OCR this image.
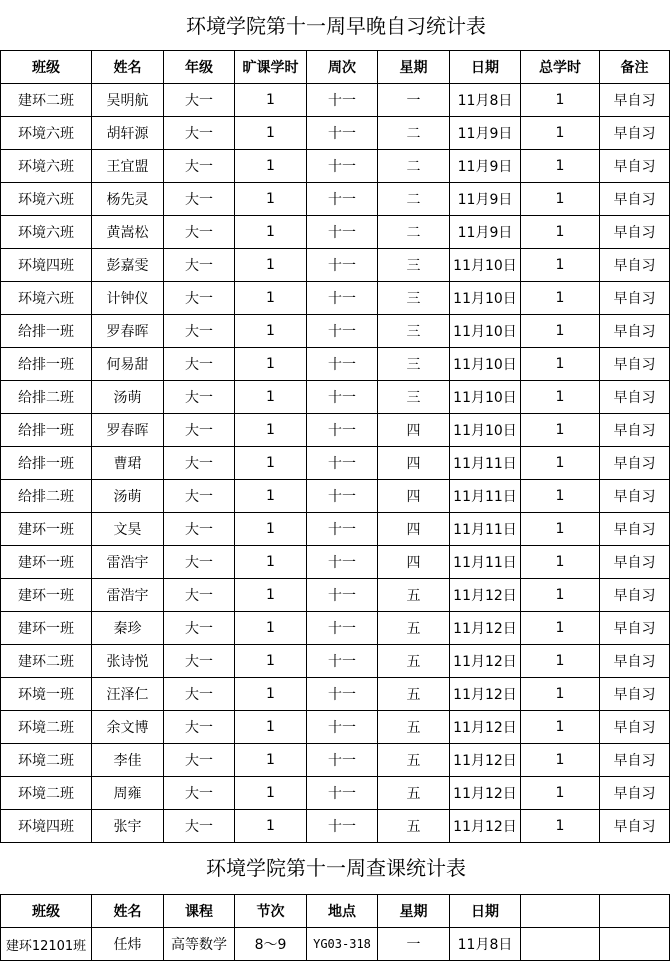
环境学院第十一周早晚自习统计表
班级	姓名	年级	旷课学时	周次	星期	日期	总学时	备注
建环二班	吴明航	大一	1	十一	一	11月8日	1	早自习
环境六班	胡轩源	大一	1	十一	二	11月9日	1	早自习
环境六班	王宜盟	大一	1	十一	二	11月9日	1	早自习
环境六班	杨先灵	大一	1	十一	二	11月9日	1	早自习
环境六班	黄嵩松	大一	1	十一	二	11月9日	1	早自习
环境四班	彭嘉雯	大一	1	十一	三	11月10日	1	早自习
环境六班	计钟仪	大一	1	十一	三	11月10日	1	早自习
给排一班	罗春晖	大一	1	十一	三	11月10日	1	早自习
给排一班	何易甜	大一	1	十一	三	11月10日	1	早自习
给排二班	汤萌	大一	1	十一	三	11月10日	1	早自习
给排一班	罗春晖	大一	1	十一	四	11月10日	1	早自习
给排一班	曹珺	大一	1	十一	四	11月11日	1	早自习
给排二班	汤萌	大一	1	十一	四	11月11日	1	早自习
建环一班	文昊	大一	1	十一	四	11月11日	1	早自习
建环一班	雷浩宇	大一	1	十一	四	11月11日	1	早自习
建环一班	雷浩宇	大一	1	十一	五	11月12日	1	早自习
建环一班	秦珍	大一	1	十一	五	11月12日	1	早自习
建环二班	张诗悦	大一	1	十一	五	11月12日	1	早自习
环境一班	汪泽仁	大一	1	十一	五	11月12日	1	早自习
环境二班	余文博	大一	1	十一	五	11月12日	1	早自习
环境二班	李佳	大一	1	十一	五	11月12日	1	早自习
环境二班	周雍	大一	1	十一	五	11月12日	1	早自习
环境四班	张宇	大一	1	十一	五	11月12日	1	早自习
环境学院第十一周查课统计表
班级	姓名	课程	节次	地点	星期	日期		
建环12101班	任炜	高等数学	8～9	YG03-318	一	11月8日		
